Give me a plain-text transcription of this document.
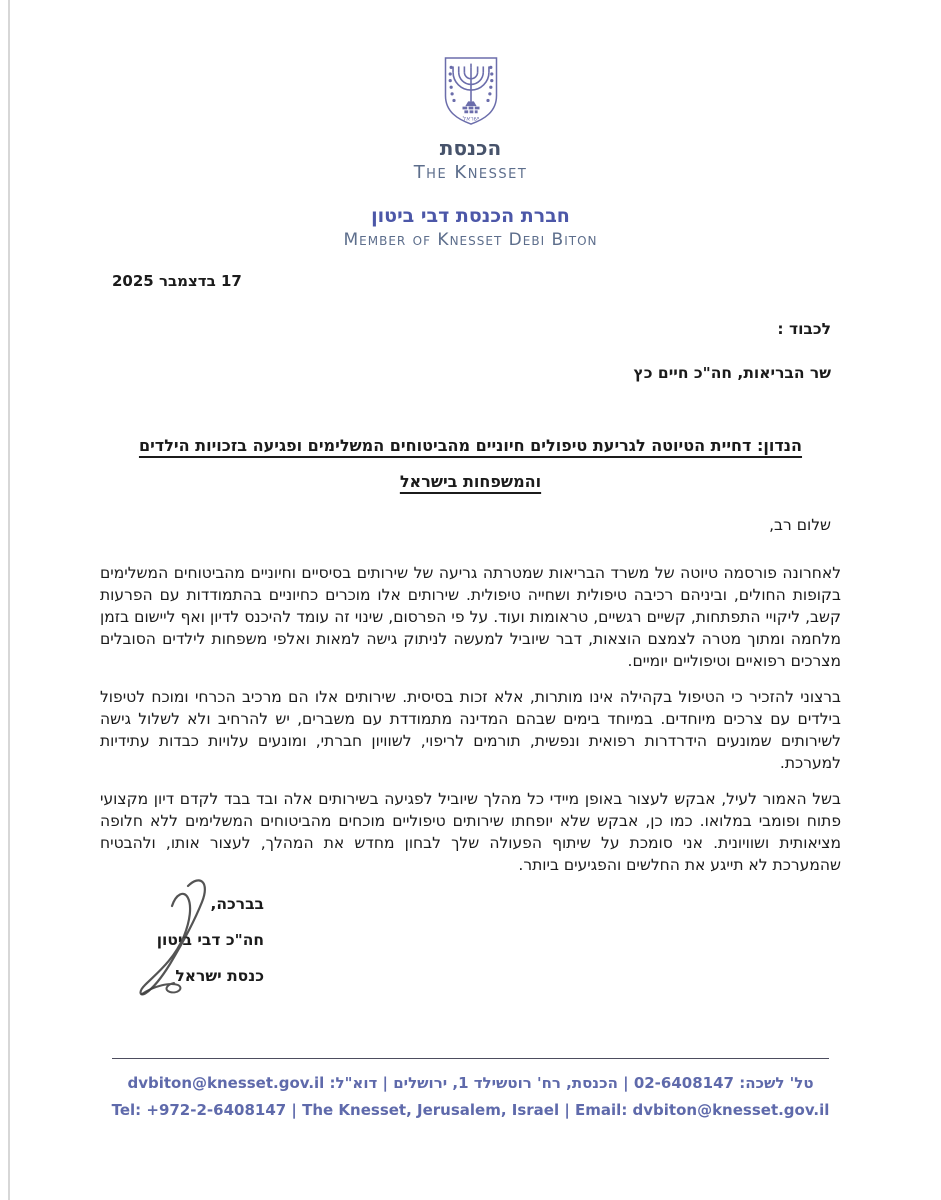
ישראל
הכנסת
The Knesset
חברת הכנסת דבי ביטון
Member of Knesset Debi Biton
17 בדצמבר 2025
לכבוד :
שר הבריאות, חה"כ חיים כץ
הנדון: דחיית הטיוטה לגריעת טיפולים חיוניים מהביטוחים המשלימים ופגיעה בזכויות הילדים
והמשפחות בישראל
שלום רב,

לאחרונה פורסמה טיוטה של משרד הבריאות שמטרתה גריעה של שירותים בסיסיים וחיוניים מהביטוחים המשלימים בקופות החולים, וביניהם רכיבה טיפולית ושחייה טיפולית. שירותים אלו מוכרים כחיוניים בהתמודדות עם הפרעות קשב, ליקויי התפתחות, קשיים רגשיים, טראומות ועוד. על פי הפרסום, שינוי זה עומד להיכנס לדיון ואף ליישום בזמן מלחמה ומתוך מטרה לצמצם הוצאות, דבר שיוביל למעשה לניתוק גישה למאות ואלפי משפחות לילדים הסובלים מצרכים רפואיים וטיפוליים יומיים.

ברצוני להזכיר כי הטיפול בקהילה אינו מותרות, אלא זכות בסיסית. שירותים אלו הם מרכיב הכרחי ומוכח לטיפול בילדים עם צרכים מיוחדים. במיוחד בימים שבהם המדינה מתמודדת עם משברים, יש להרחיב ולא לשלול גישה לשירותים שמונעים הידרדרות רפואית ונפשית, תורמים לריפוי, לשוויון חברתי, ומונעים עלויות כבדות עתידיות למערכת.

בשל האמור לעיל, אבקש לעצור באופן מיידי כל מהלך שיוביל לפגיעה בשירותים אלה ובד בבד לקדם דיון מקצועי פתוח ופומבי במלואו. כמו כן, אבקש שלא יופחתו שירותים טיפוליים מוכחים מהביטוחים המשלימים ללא חלופה מציאותית ושוויונית. אני סומכת על שיתוף הפעולה שלך לבחון מחדש את המהלך, לעצור אותו, ולהבטיח שהמערכת לא תייגע את החלשים והפגיעים ביותר.

בברכה,
חה"כ דבי ביטון
כנסת ישראל
טל' לשכה: 02-6408147 | הכנסת, רח' רוטשילד 1, ירושלים | דוא"ל: dvbiton@knesset.gov.il
Tel: +972-2-6408147 | The Knesset, Jerusalem, Israel | Email: dvbiton@knesset.gov.il
